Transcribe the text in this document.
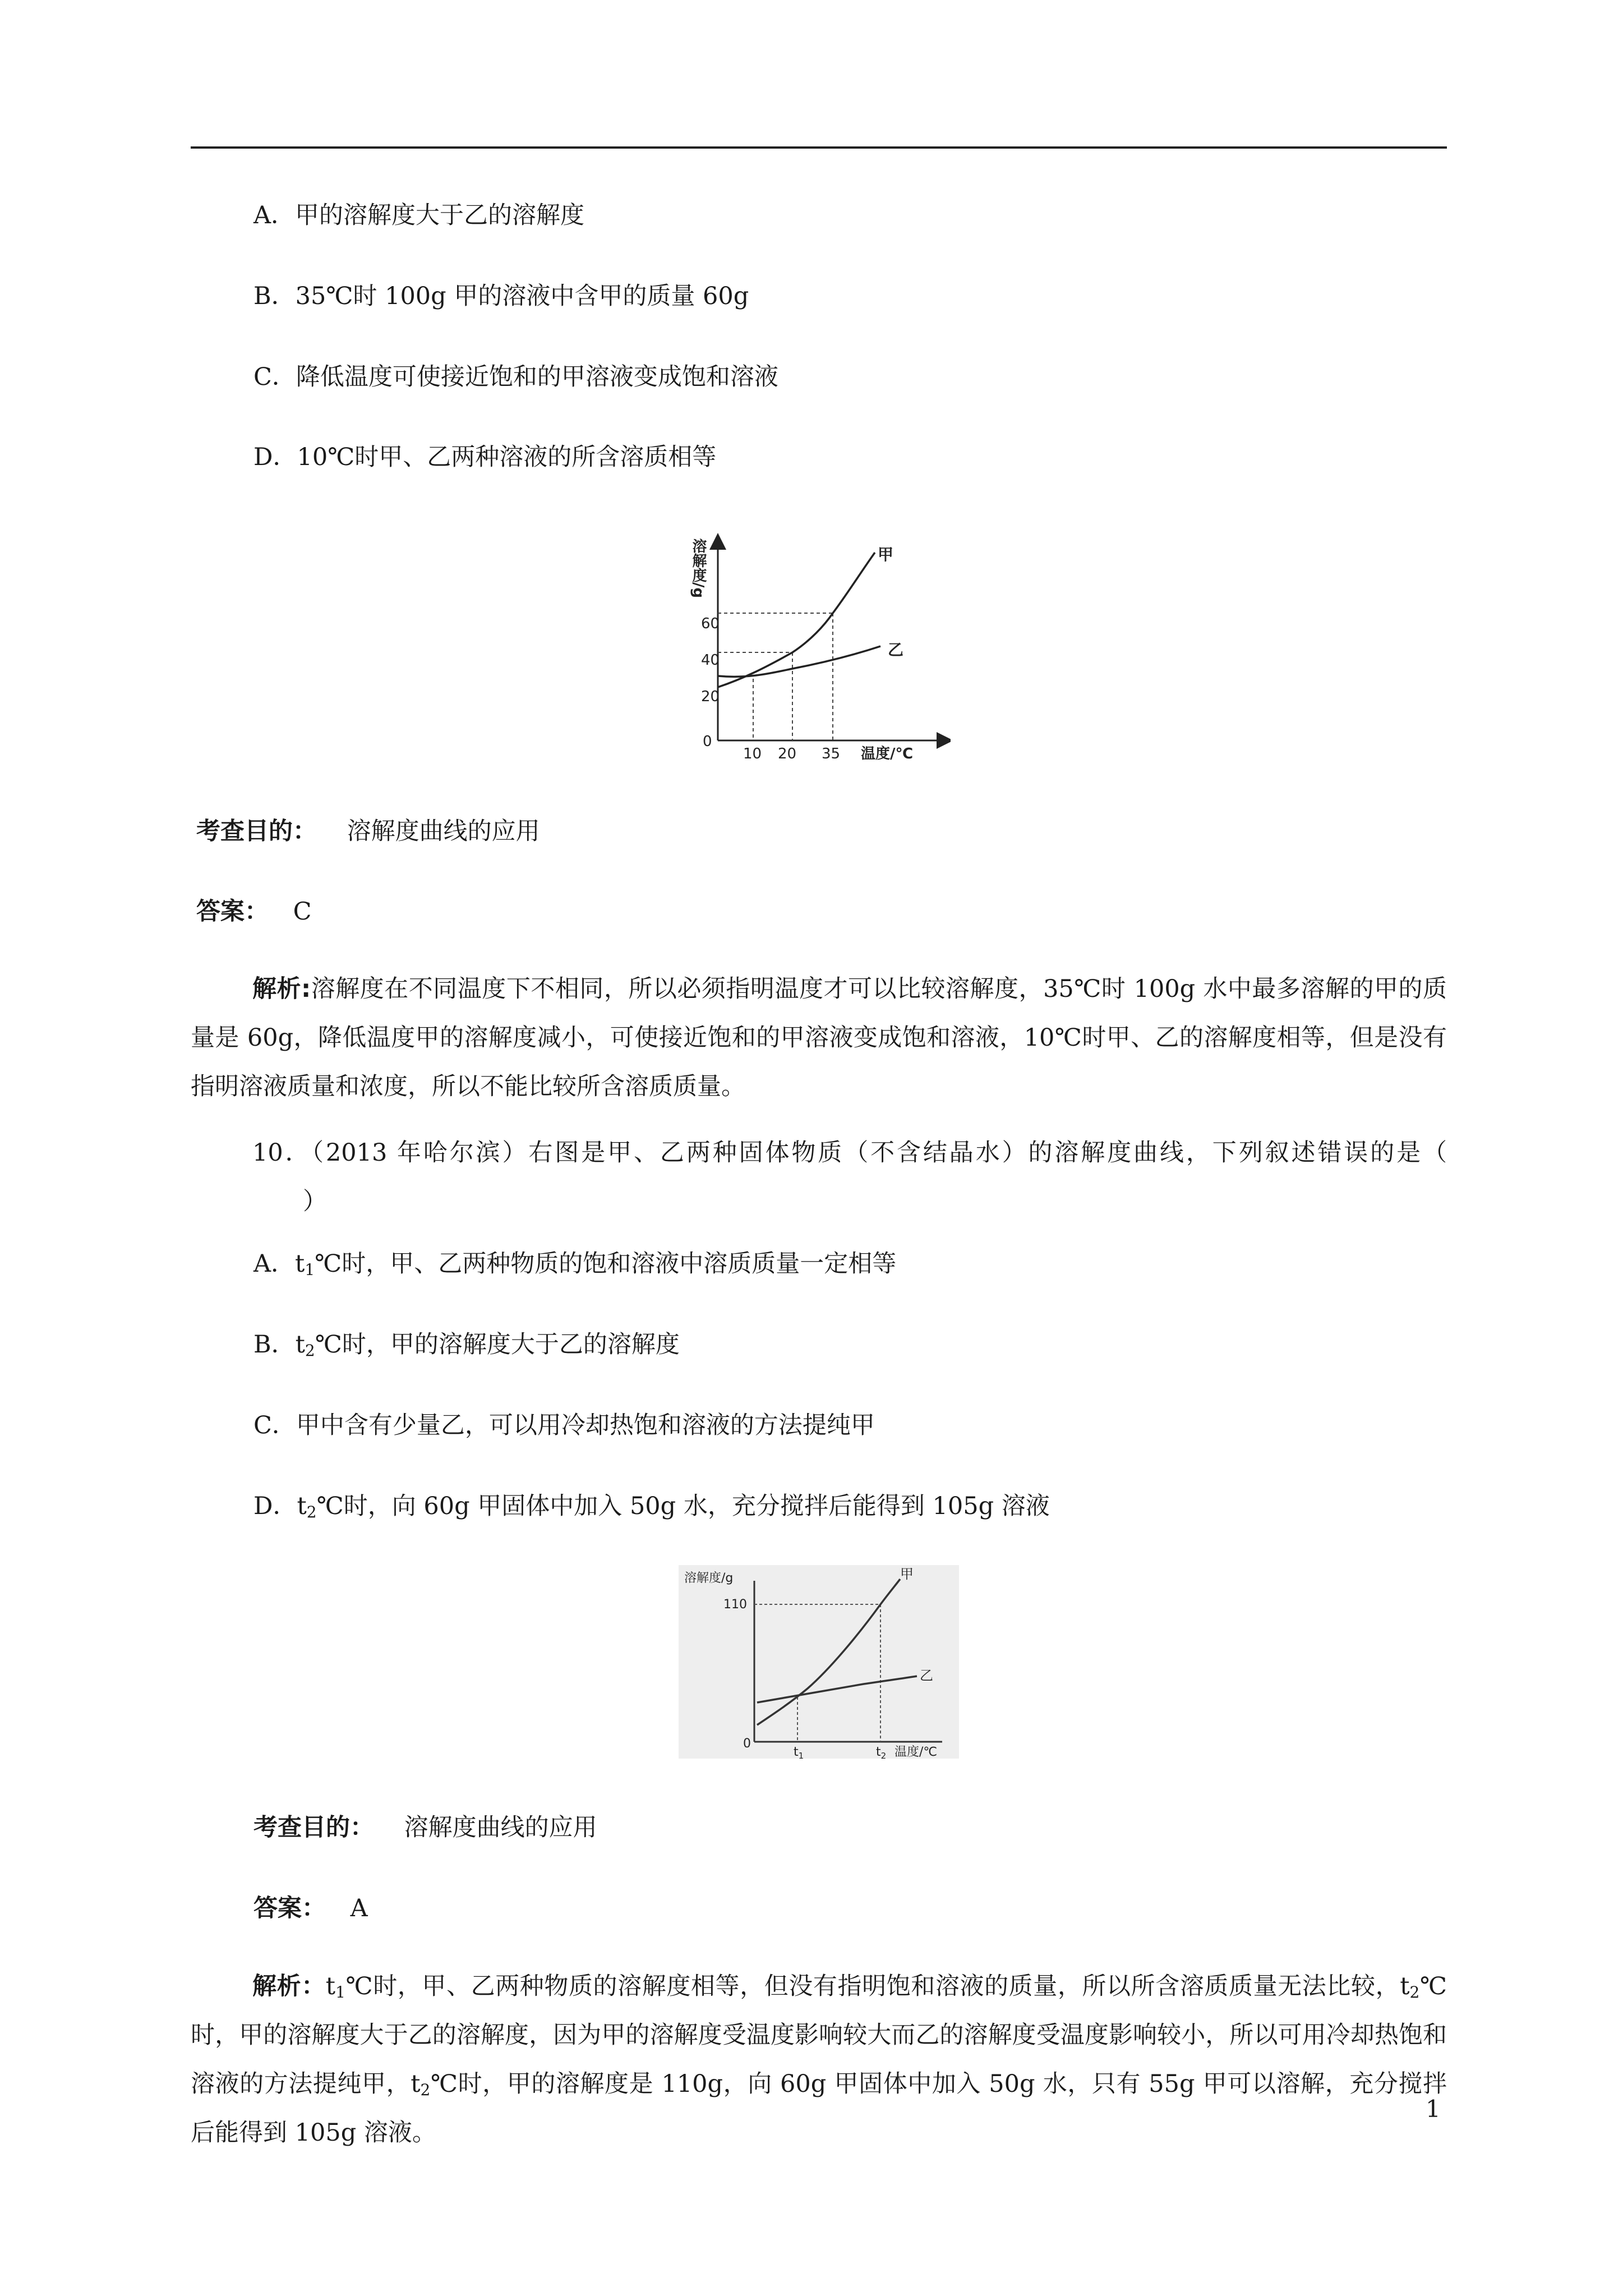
A．甲的溶解度大于乙的溶解度
B．35℃时 100g 甲的溶液中含甲的质量 60g
C．降低温度可使接近饱和的甲溶液变成饱和溶液
D．10℃时甲、乙两种溶液的所含溶质相等
溶解度/g
20
40
60
0
10 20 35 温度/℃
甲
乙
考查目的： 溶解度曲线的应用
答案： C
解析:溶解度在不同温度下不相同，所以必须指明温度才可以比较溶解度，35℃时 100g 水中最多溶解的甲的质量是 60g，降低温度甲的溶解度减小，可使接近饱和的甲溶液变成饱和溶液，10℃时甲、乙的溶解度相等，但是没有指明溶液质量和浓度，所以不能比较所含溶质质量。
10．（2013 年哈尔滨）右图是甲、乙两种固体物质（不含结晶水）的溶解度曲线，下列叙述错误的是（）
A．$t_1℃$时，甲、乙两种物质的饱和溶液中溶质质量一定相等
B．$t_2℃$时，甲的溶解度大于乙的溶解度
C．甲中含有少量乙，可以用冷却热饱和溶液的方法提纯甲
D．$t_2℃$时，向 60g 甲固体中加入 50g 水，充分搅拌后能得到 105g 溶液
溶解度/g
110
0
$t_1$	$t_2$ 温度/℃
甲
乙
考查目的： 溶解度曲线的应用
答案： A
解析：$t_1℃$时，甲、乙两种物质的溶解度相等，但没有指明饱和溶液的质量，所以所含溶质质量无法比较，$t_2℃$时，甲的溶解度大于乙的溶解度，因为甲的溶解度受温度影响较大而乙的溶解度受温度影响较小，所以可用冷却热饱和溶液的方法提纯甲，$t_2℃$时，甲的溶解度是 110g，向 60g 甲固体中加入 50g 水，只有 55g 甲可以溶解，充分搅拌后能得到 105g 溶液。
1
